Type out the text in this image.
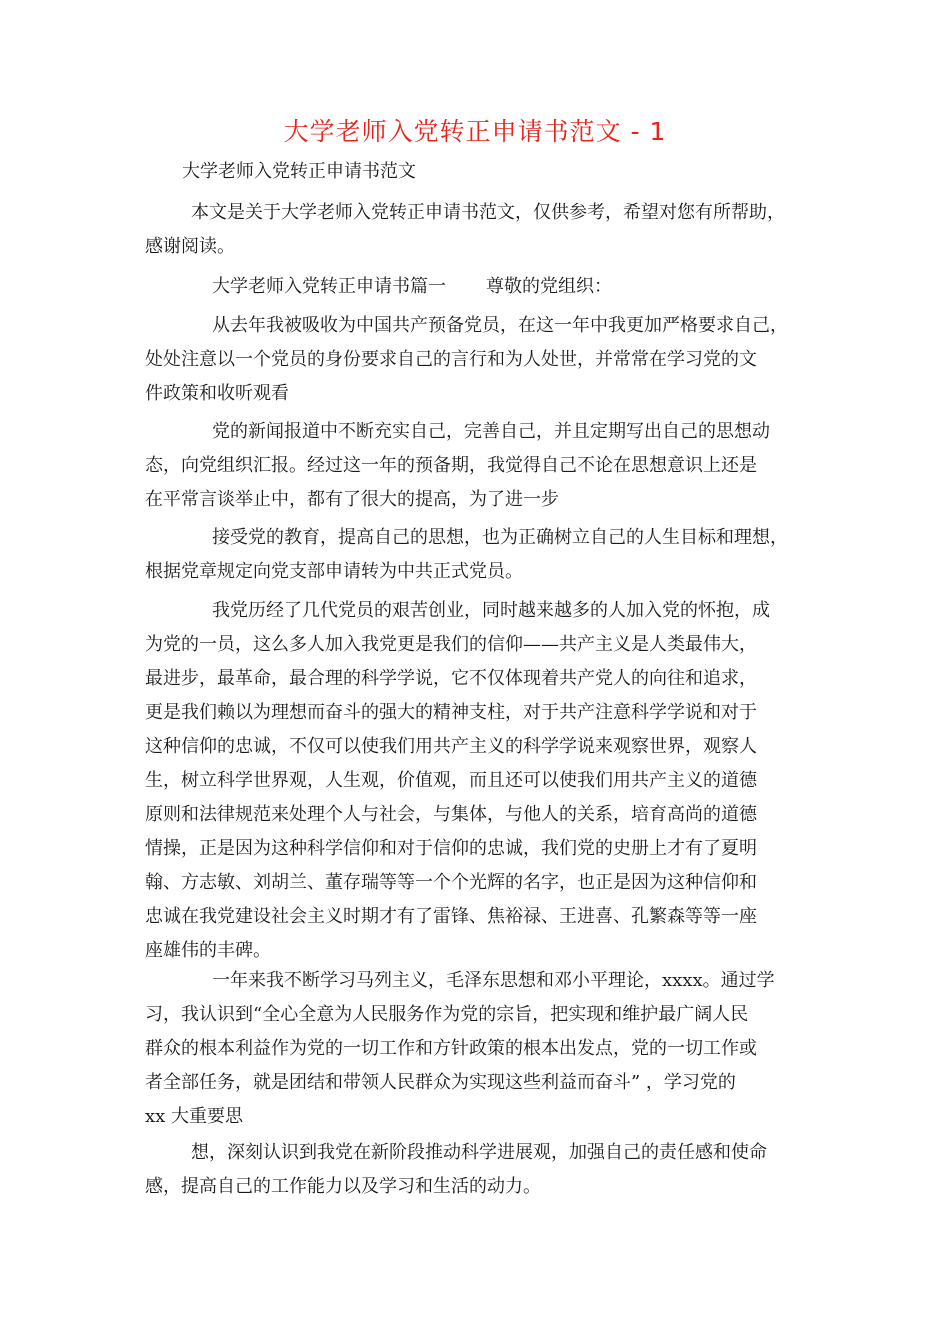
大学老师入党转正申请书范文 - 1
大学老师入党转正申请书范文
本文是关于大学老师入党转正申请书范文，仅供参考，希望对您有所帮助，
感谢阅读。
大学老师入党转正申请书篇一 尊敬的党组织：
从去年我被吸收为中国共产预备党员，在这一年中我更加严格要求自己，
处处注意以一个党员的身份要求自己的言行和为人处世，并常常在学习党的文
件政策和收听观看
党的新闻报道中不断充实自己，完善自己，并且定期写出自己的思想动
态，向党组织汇报。经过这一年的预备期，我觉得自己不论在思想意识上还是
在平常言谈举止中，都有了很大的提高，为了进一步
接受党的教育，提高自己的思想，也为正确树立自己的人生目标和理想，
根据党章规定向党支部申请转为中共正式党员。
我党历经了几代党员的艰苦创业，同时越来越多的人加入党的怀抱，成
为党的一员，这么多人加入我党更是我们的信仰——共产主义是人类最伟大，
最进步，最革命，最合理的科学学说，它不仅体现着共产党人的向往和追求，
更是我们赖以为理想而奋斗的强大的精神支柱，对于共产注意科学学说和对于
这种信仰的忠诚，不仅可以使我们用共产主义的科学学说来观察世界，观察人
生，树立科学世界观，人生观，价值观，而且还可以使我们用共产主义的道德
原则和法律规范来处理个人与社会，与集体，与他人的关系，培育高尚的道德
情操，正是因为这种科学信仰和对于信仰的忠诚，我们党的史册上才有了夏明
翰、方志敏、刘胡兰、董存瑞等等一个个光辉的名字，也正是因为这种信仰和
忠诚在我党建设社会主义时期才有了雷锋、焦裕禄、王进喜、孔繁森等等一座
座雄伟的丰碑。
一年来我不断学习马列主义，毛泽东思想和邓小平理论，xxxx。通过学
习，我认识到“全心全意为人民服务作为党的宗旨，把实现和维护最广阔人民
群众的根本利益作为党的一切工作和方针政策的根本出发点，党的一切工作或
者全部任务，就是团结和带领人民群众为实现这些利益而奋斗” ，学习党的
xx 大重要思
想，深刻认识到我党在新阶段推动科学进展观，加强自己的责任感和使命
感，提高自己的工作能力以及学习和生活的动力。
